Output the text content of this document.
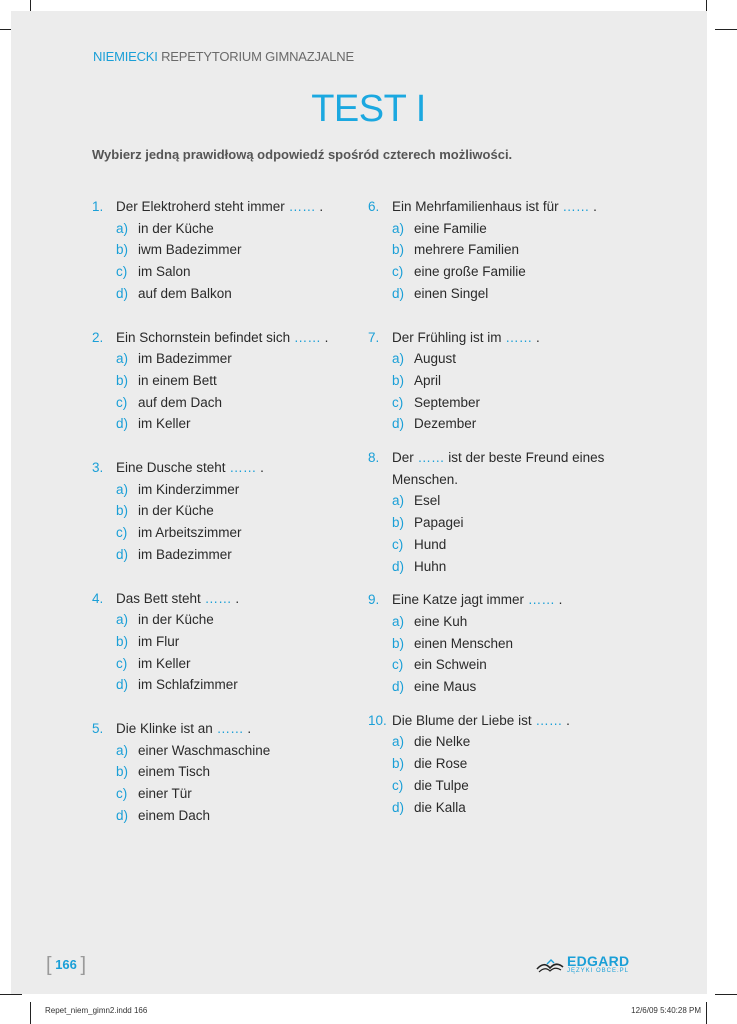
NIEMIECKI REPETYTORIUM GIMNAZJALNE
TEST I
Wybierz jedną prawidłową odpowiedź spośród czterech możliwości.
1. Der Elektroherd steht immer …… .
a) in der Küche
b) iwm Badezimmer
c) im Salon
d) auf dem Balkon
2. Ein Schornstein befindet sich …… .
a) im Badezimmer
b) in einem Bett
c) auf dem Dach
d) im Keller
3. Eine Dusche steht …… .
a) im Kinderzimmer
b) in der Küche
c) im Arbeitszimmer
d) im Badezimmer
4. Das Bett steht …… .
a) in der Küche
b) im Flur
c) im Keller
d) im Schlafzimmer
5. Die Klinke ist an …… .
a) einer Waschmaschine
b) einem Tisch
c) einer Tür
d) einem Dach
6. Ein Mehrfamilienhaus ist für …… .
a) eine Familie
b) mehrere Familien
c) eine große Familie
d) einen Singel
7. Der Frühling ist im …… .
a) August
b) April
c) September
d) Dezember
8. Der …… ist der beste Freund eines Menschen.
a) Esel
b) Papagei
c) Hund
d) Huhn
9. Eine Katze jagt immer …… .
a) eine Kuh
b) einen Menschen
c) ein Schwein
d) eine Maus
10. Die Blume der Liebe ist …… .
a) die Nelke
b) die Rose
c) die Tulpe
d) die Kalla
[ 166 ]	EDGARD
JĘZYKI OBCE.PL
Repet_niem_gimn2.indd 166	12/6/09 5:40:28 PM
